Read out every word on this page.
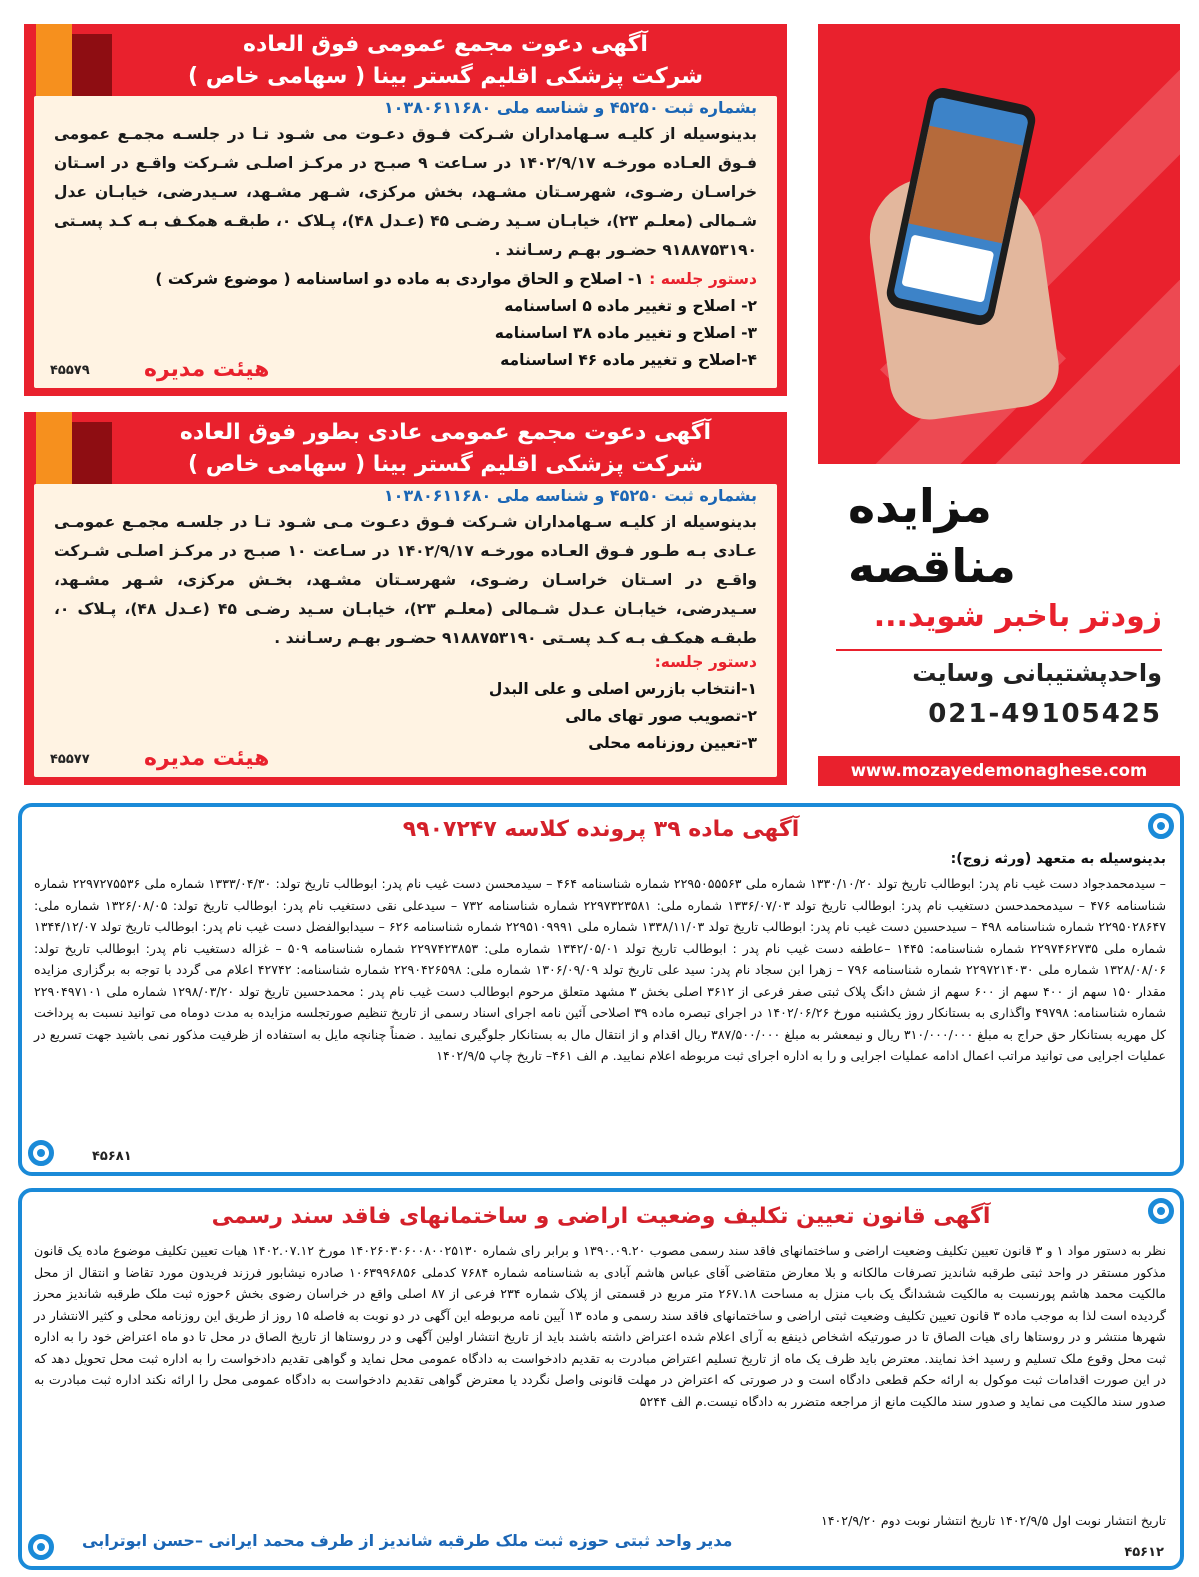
آگهی دعوت مجمع عمومی فوق العاده
شرکت پزشکی اقلیم گستر بینا ( سهامی خاص )
بشماره ثبت ۴۵۲۵۰ و شناسه ملی ۱۰۳۸۰۶۱۱۶۸۰
بدینوسیله از کلیـه سـهامداران شـرکت فـوق دعـوت می شـود تـا در جلسـه مجمـع عمومی فـوق العـاده مورخـه ۱۴۰۲/۹/۱۷ در سـاعت ۹ صبـح در مرکـز اصلـی شـرکت واقـع در اسـتان خراسـان رضـوی، شهرسـتان مشـهد، بخش مرکزی، شـهر مشـهد، سـیدرضی، خیابـان عدل شـمالی (معلـم ۲۳)، خیابـان سـید رضـی ۴۵ (عـدل ۴۸)، پـلاک ۰، طبقـه همکـف بـه کـد پسـتی ۹۱۸۸۷۵۳۱۹۰ حضـور بهـم رسـانند .
دستور جلسه : ۱- اصلاح و الحاق مواردی به ماده دو اساسنامه ( موضوع شرکت )
۲- اصلاح و تغییر ماده ۵ اساسنامه
۳- اصلاح و تغییر ماده ۳۸ اساسنامه
۴-اصلاح و تغییر ماده ۴۶ اساسنامه
هیئت مدیره
۴۵۵۷۹
آگهی دعوت مجمع عمومی عادی بطور فوق العاده
شرکت پزشکی اقلیم گستر بینا ( سهامی خاص )
بشماره ثبت ۴۵۲۵۰ و شناسه ملی ۱۰۳۸۰۶۱۱۶۸۰
بدینوسیله از کلیـه سـهامداران شـرکت فـوق دعـوت مـی شـود تـا در جلسـه مجمـع عمومـی عـادی بـه طـور فـوق العـاده مورخـه ۱۴۰۲/۹/۱۷ در سـاعت ۱۰ صبـح در مرکـز اصلـی شـرکت واقـع در اسـتان خراسـان رضـوی، شهرسـتان مشـهد، بخـش مرکزی، شـهر مشـهد، سـیدرضی، خیابـان عـدل شـمالی (معلـم ۲۳)، خیابـان سـید رضـی ۴۵ (عـدل ۴۸)، پـلاک ۰، طبقـه همکـف بـه کـد پسـتی ۹۱۸۸۷۵۳۱۹۰ حضـور بهـم رسـانند .
دستور جلسه:
۱-انتخاب بازرس اصلی و علی البدل
۲-تصویب صور تهای مالی
۳-تعیین روزنامه محلی
هیئت مدیره
۴۵۵۷۷
مزایده
مناقصه
زودتر باخبر شوید...
واحدپشتیبانی وسایت
021-49105425
www.mozayedemonaghese.com
آگهی ماده ۳۹ پرونده کلاسه ۹۹۰۷۲۴۷
بدینوسیله به متعهد (ورثه زوج):
– سیدمحمدجواد دست غیب نام پدر: ابوطالب تاریخ تولد ۱۳۳۰/۱۰/۲۰ شماره ملی ۲۲۹۵۰۵۵۵۶۳ شماره شناسنامه ۴۶۴ – سیدمحسن دست غیب نام پدر: ابوطالب تاریخ تولد: ۱۳۳۳/۰۴/۳۰ شماره ملی ۲۲۹۷۲۷۵۵۳۶ شماره شناسنامه ۴۷۶ – سیدمحمدحسن دستغیب نام پدر: ابوطالب تاریخ تولد ۱۳۳۶/۰۷/۰۳ شماره ملی: ۲۲۹۷۳۲۳۵۸۱ شماره شناسنامه ۷۳۲ – سیدعلی نقی دستغیب نام پدر: ابوطالب تاریخ تولد: ۱۳۲۶/۰۸/۰۵ شماره ملی: ۲۲۹۵۰۲۸۶۴۷ شماره شناسنامه ۴۹۸ – سیدحسین دست غیب نام پدر: ابوطالب تاریخ تولد ۱۳۳۸/۱۱/۰۳ شماره ملی ۲۲۹۵۱۰۹۹۹۱ شماره شناسنامه ۶۲۶ – سیدابوالفضل دست غیب نام پدر: ابوطالب تاریخ تولد ۱۳۴۴/۱۲/۰۷ شماره ملی ۲۲۹۷۴۶۲۷۳۵ شماره شناسنامه: ۱۴۴۵ –عاطفه دست غیب نام پدر : ابوطالب تاریخ تولد ۱۳۴۲/۰۵/۰۱ شماره ملی: ۲۲۹۷۴۲۳۸۵۳ شماره شناسنامه ۵۰۹ – غزاله دستغیب نام پدر: ابوطالب تاریخ تولد: ۱۳۲۸/۰۸/۰۶ شماره ملی ۲۲۹۷۲۱۴۰۳۰ شماره شناسنامه ۷۹۶ – زهرا ابن سجاد نام پدر: سید علی تاریخ تولد ۱۳۰۶/۰۹/۰۹ شماره ملی: ۲۲۹۰۴۲۶۵۹۸ شماره شناسنامه: ۴۲۷۴۲ اعلام می گردد با توجه به برگزاری مزایده مقدار ۱۵۰ سهم از ۴۰۰ سهم از ۶۰۰ سهم از شش دانگ پلاک ثبتی صفر فرعی از ۳۶۱۲ اصلی بخش ۳ مشهد متعلق مرحوم ابوطالب دست غیب نام پدر : محمدحسین تاریخ تولد ۱۲۹۸/۰۳/۲۰ شماره ملی ۲۲۹۰۴۹۷۱۰۱ شماره شناسنامه: ۴۹۷۹۸ واگذاری به بستانکار روز یکشنبه مورخ ۱۴۰۲/۰۶/۲۶ در اجرای تبصره ماده ۳۹ اصلاحی آئین نامه اجرای اسناد رسمی از تاریخ تنظیم صورتجلسه مزایده به مدت دوماه می توانید نسبت به پرداخت کل مهریه بستانکار حق حراج به مبلغ ۳۱۰/۰۰۰/۰۰۰ ریال و نیمعشر به مبلغ ۳۸۷/۵۰۰/۰۰۰ ریال اقدام و از انتقال مال به بستانکار جلوگیری نمایید . ضمناً چنانچه مایل به استفاده از ظرفیت مذکور نمی باشید جهت تسریع در عملیات اجرایی می توانید مراتب اعمال ادامه عملیات اجرایی و را به اداره اجرای ثبت مربوطه اعلام نمایید. م الف ۴۶۱– تاریخ چاپ ۱۴۰۲/۹/۵
۴۵۶۸۱
آگهی قانون تعیین تکلیف وضعیت اراضی و ساختمانهای فاقد سند رسمی
نظر به دستور مواد ۱ و ۳ قانون تعیین تکلیف وضعیت اراضی و ساختمانهای فاقد سند رسمی مصوب ۱۳۹۰.۰۹.۲۰ و برابر رای شماره ۱۴۰۲۶۰۳۰۶۰۰۸۰۰۲۵۱۳۰ مورخ ۱۴۰۲.۰۷.۱۲ هیات تعیین تکلیف موضوع ماده یک قانون مذکور مستقر در واحد ثبتی طرقبه شاندیز تصرفات مالکانه و بلا معارض متقاضی آقای عباس هاشم آبادی به شناسنامه شماره ۷۶۸۴ کدملی ۱۰۶۳۹۹۶۸۵۶ صادره نیشابور فرزند فریدون مورد تقاضا و انتقال از محل مالکیت محمد هاشم پورنسبت به مالکیت ششدانگ یک باب منزل به مساحت ۲۶۷.۱۸ متر مربع در قسمتی از پلاک شماره ۲۳۴ فرعی از ۸۷ اصلی واقع در خراسان رضوی بخش ۶حوزه ثبت ملک طرقبه شاندیز محرز گردیده است لذا به موجب ماده ۳ قانون تعیین تکلیف وضعیت ثبتی اراضی و ساختمانهای فاقد سند رسمی و ماده ۱۳ آیین نامه مربوطه این آگهی در دو نوبت به فاصله ۱۵ روز از طریق این روزنامه محلی و کثیر الانتشار در شهرها منتشر و در روستاها رای هیات الصاق تا در صورتیکه اشخاص ذینفع به آرای اعلام شده اعتراض داشته باشند باید از تاریخ انتشار اولین آگهی و در روستاها از تاریخ الصاق در محل تا دو ماه اعتراض خود را به اداره ثبت محل وقوع ملک تسلیم و رسید اخذ نمایند. معترض باید ظرف یک ماه از تاریخ تسلیم اعتراض مبادرت به تقدیم دادخواست به دادگاه عمومی محل نماید و گواهی تقدیم دادخواست را به اداره ثبت محل تحویل دهد که در این صورت اقدامات ثبت موکول به ارائه حکم قطعی دادگاه است و در صورتی که اعتراض در مهلت قانونی واصل نگردد یا معترض گواهی تقدیم دادخواست به دادگاه عمومی محل را ارائه نکند اداره ثبت مبادرت به صدور سند مالکیت می نماید و صدور سند مالکیت مانع از مراجعه متضرر به دادگاه نیست.م الف ۵۲۴۴
تاریخ انتشار نوبت اول ۱۴۰۲/۹/۵ تاریخ انتشار نوبت دوم ۱۴۰۲/۹/۲۰
مدیر واحد ثبتی حوزه ثبت ملک طرقبه شاندیز از طرف محمد ایرانی –حسن ابوترابی
۴۵۶۱۲
